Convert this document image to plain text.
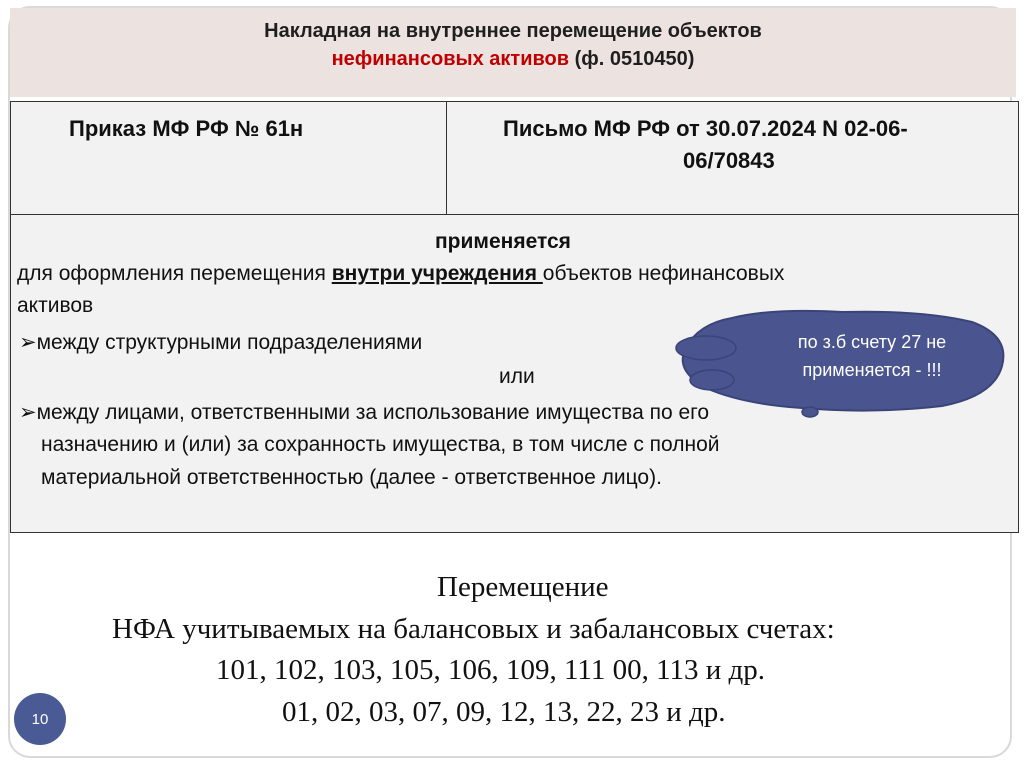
Накладная на внутреннее перемещение объектов
нефинансовых активов (ф. 0510450)
Приказ МФ РФ № 61н	Письмо МФ РФ от 30.07.2024 N 02-06-
06/70843
применяется
для оформления перемещения внутри учреждения объектов нефинансовых
активов
➢между структурными подразделениями
или
➢между лицами, ответственными за использование имущества по его
назначению и (или) за сохранность имущества, в том числе с полной
материальной ответственностью (далее - ответственное лицо).
по з.б счету 27 не
применяется - !!!
Перемещение
НФА учитываемых на балансовых и забалансовых счетах:
101, 102, 103, 105, 106, 109, 111 00, 113 и др.
01, 02, 03, 07, 09, 12, 13, 22, 23 и др.
10
